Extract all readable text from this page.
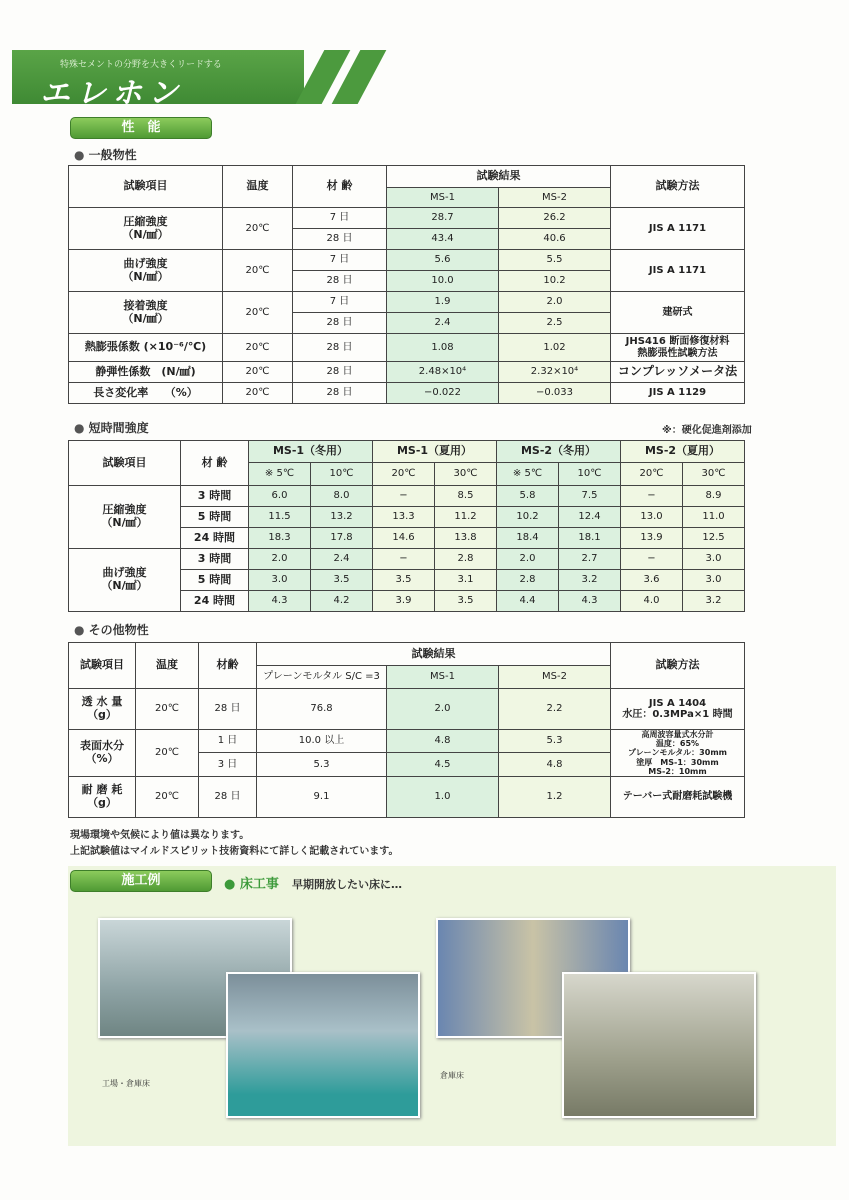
特殊セメントの分野を大きくリードする
エレホン
性　能
● 一般物性
試験項目	温度	材 齢	試験結果		試験方法
			MS-1	MS-2	
圧縮強度
（N/㎟）	20℃	7 日	28.7	26.2	JIS A 1171
		28 日	43.4	40.6	
曲げ強度
（N/㎟）	20℃	7 日	5.6	5.5	JIS A 1171
		28 日	10.0	10.2	
接着強度
（N/㎟）	20℃	7 日	1.9	2.0	建研式
		28 日	2.4	2.5	
熱膨張係数 (×10⁻⁶/℃)	20℃	28 日	1.08	1.02	JHS416 断面修復材料
熱膨張性試験方法
静弾性係数　(N/㎟)	20℃	28 日	2.48×10⁴	2.32×10⁴	コンプレッソメータ法
長さ変化率　　（%）	20℃	28 日	−0.022	−0.033	JIS A 1129
● 短時間強度	※：硬化促進剤添加
試験項目	材 齢	MS-1（冬用）		MS-1（夏用）		MS-2（冬用）		MS-2（夏用）	
		※ 5℃	10℃	20℃	30℃	※ 5℃	10℃	20℃	30℃
圧縮強度
（N/㎟）	3 時間	6.0	8.0	−	8.5	5.8	7.5	−	8.9
	5 時間	11.5	13.2	13.3	11.2	10.2	12.4	13.0	11.0
	24 時間	18.3	17.8	14.6	13.8	18.4	18.1	13.9	12.5
曲げ強度
（N/㎟）	3 時間	2.0	2.4	−	2.8	2.0	2.7	−	3.0
	5 時間	3.0	3.5	3.5	3.1	2.8	3.2	3.6	3.0
	24 時間	4.3	4.2	3.9	3.5	4.4	4.3	4.0	3.2
● その他物性
試験項目	温度	材齢	試験結果			試験方法
			プレーンモルタル S/C =3	MS-1	MS-2	
透 水 量
（g）	20℃	28 日	76.8	2.0	2.2	JIS A 1404
水圧：0.3MPa×1 時間
表面水分
（%）	20℃	1 日	10.0 以上	4.8	5.3	高周波容量式水分計
温度：65%
プレーンモルタル：30mm
塗厚　MS-1：30mm
MS-2：10mm
		3 日	5.3	4.5	4.8	
耐 磨 耗
（g）	20℃	28 日	9.1	1.0	1.2	テーバー式耐磨耗試験機
現場環境や気候により値は異なります。
上記試験値はマイルドスピリット技術資料にて詳しく記載されています。
工場・倉庫床
倉庫床
施工例	● 床工事 早期開放したい床に…
